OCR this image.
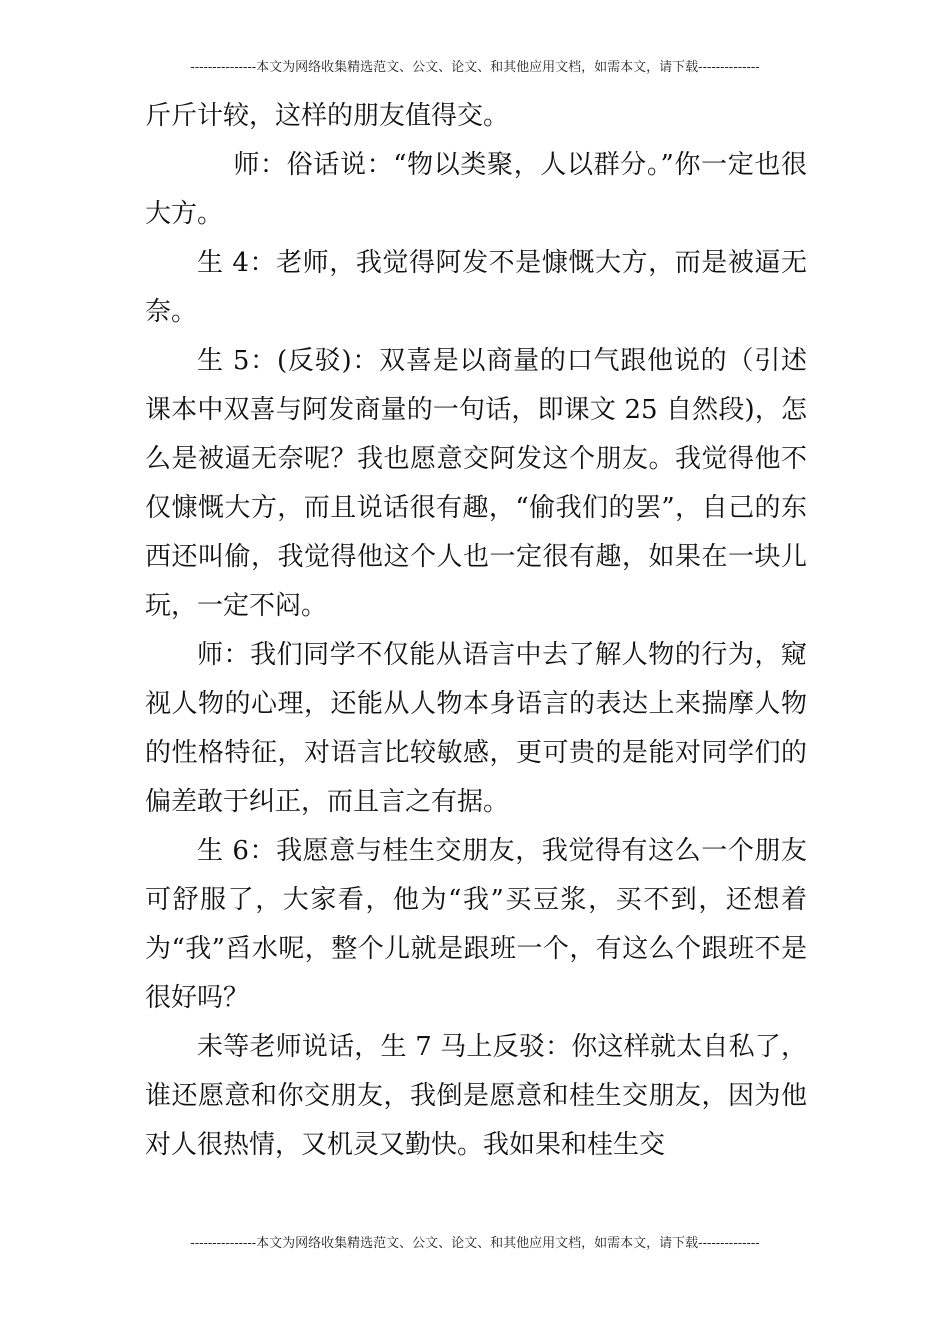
---------------本文为网络收集精选范文、公文、论文、和其他应用文档，如需本文，请下载--------------

斤斤计较，这样的朋友值得交。

师：俗话说：“物以类聚，人以群分。”你一定也很大方。

生 4：老师，我觉得阿发不是慷慨大方，而是被逼无奈。

生 5：(反驳)：双喜是以商量的口气跟他说的（引述课本中双喜与阿发商量的一句话，即课文 25 自然段)，怎么是被逼无奈呢？我也愿意交阿发这个朋友。我觉得他不仅慷慨大方，而且说话很有趣，“偷我们的罢”，自己的东西还叫偷，我觉得他这个人也一定很有趣，如果在一块儿玩，一定不闷。

师：我们同学不仅能从语言中去了解人物的行为，窥视人物的心理，还能从人物本身语言的表达上来揣摩人物的性格特征，对语言比较敏感，更可贵的是能对同学们的偏差敢于纠正，而且言之有据。

生 6：我愿意与桂生交朋友，我觉得有这么一个朋友可舒服了，大家看，他为“我”买豆浆，买不到，还想着为“我”舀水呢，整个儿就是跟班一个，有这么个跟班不是很好吗？

未等老师说话，生 7 马上反驳：你这样就太自私了，谁还愿意和你交朋友，我倒是愿意和桂生交朋友，因为他对人很热情，又机灵又勤快。我如果和桂生交

---------------本文为网络收集精选范文、公文、论文、和其他应用文档，如需本文，请下载--------------
